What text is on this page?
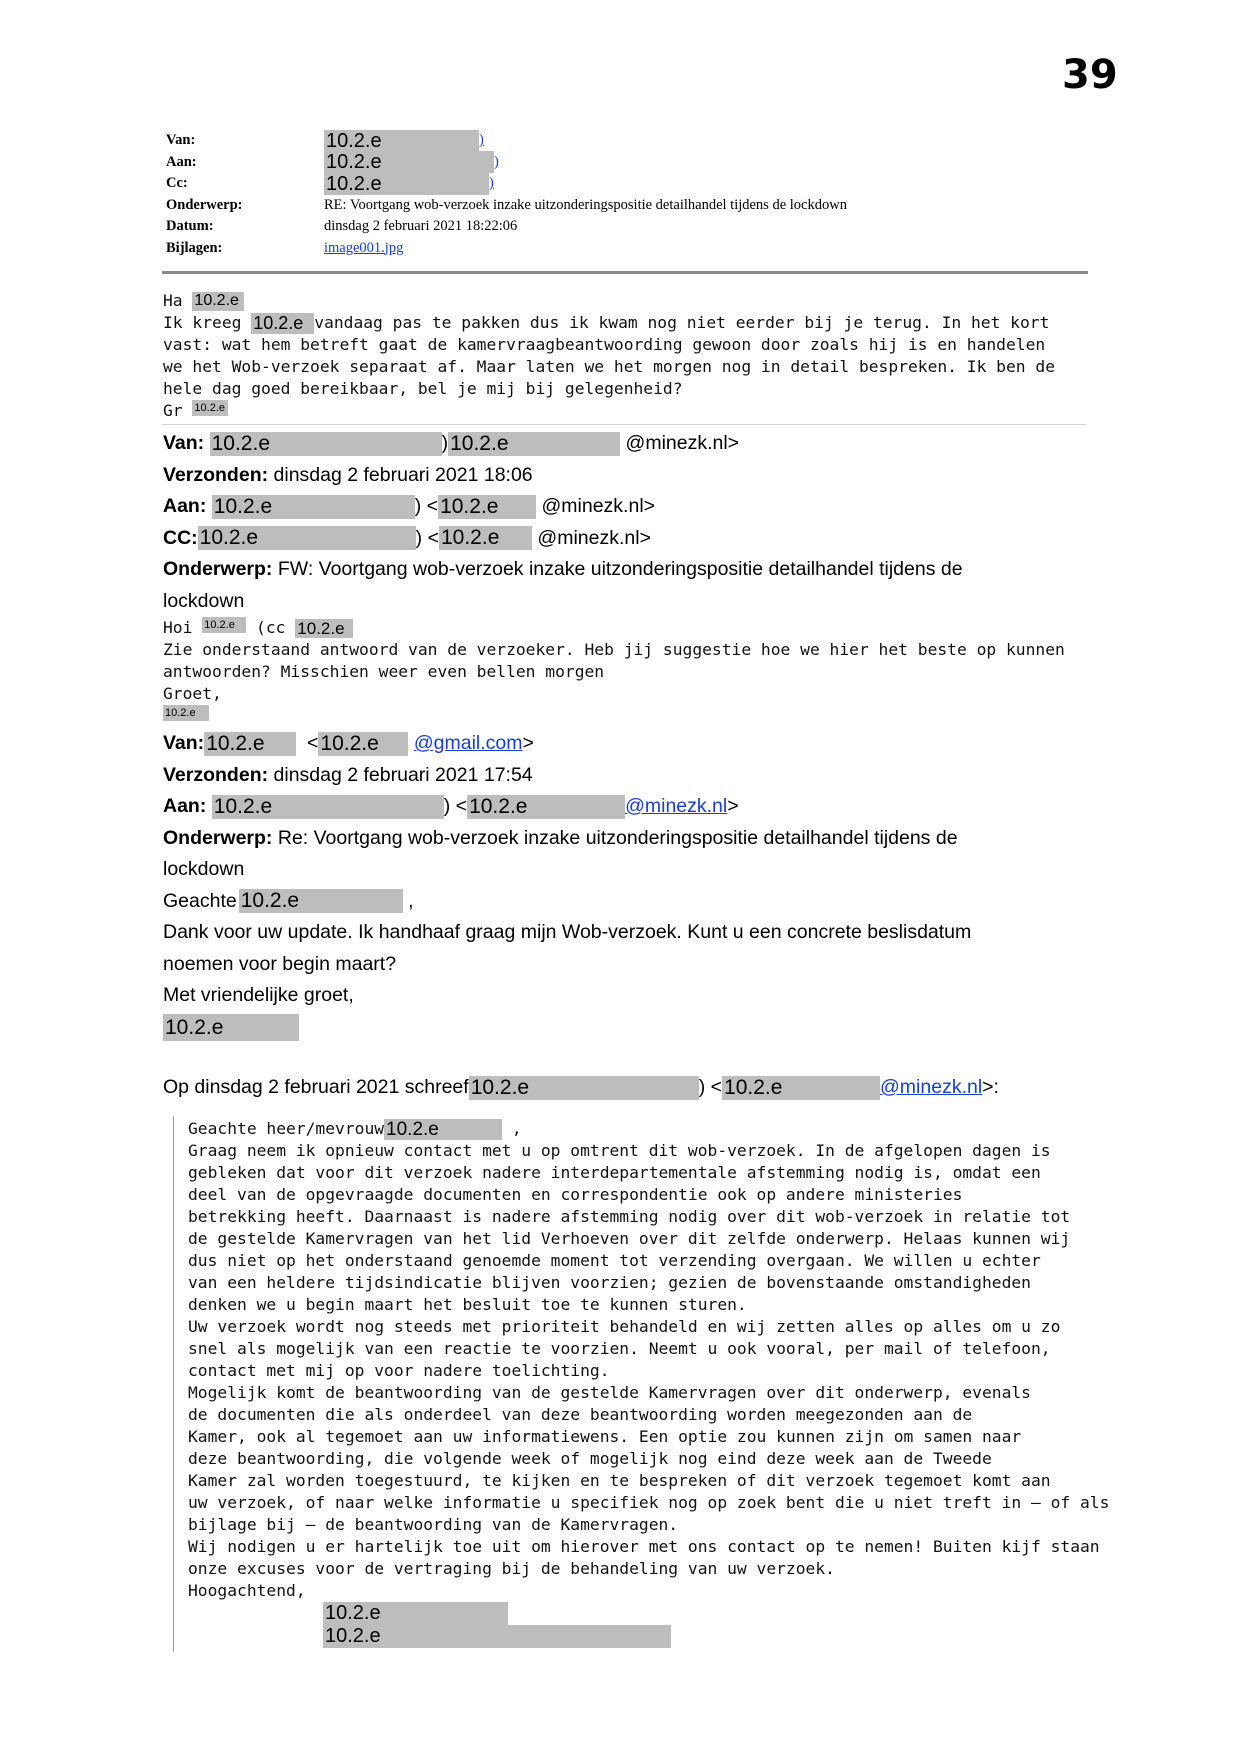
39
Van:	10.2.e	)
Aan:	10.2.e	)
Cc:	10.2.e	)
Onderwerp:	RE: Voortgang wob-verzoek inzake uitzonderingspositie detailhandel tijdens de lockdown
Datum:	dinsdag 2 februari 2021 18:22:06
Bijlagen:	image001.jpg

Ha 10.2.e

Ik kreeg 10.2.e vandaag pas te pakken dus ik kwam nog niet eerder bij je terug. In het kort

vast: wat hem betreft gaat de kamervraagbeantwoording gewoon door zoals hij is en handelen

we het Wob-verzoek separaat af. Maar laten we het morgen nog in detail bespreken. Ik ben de

hele dag goed bereikbaar, bel je mij bij gelegenheid?

Gr 10.2.e

Van:
10.2.e	) 10.2.e
	@minezk.nl>
Verzonden:
dinsdag 2 februari 2021 18:06
Aan:
10.2.e	) < 10.2.e
	@minezk.nl>
CC: 10.2.e	) < 10.2.e
	@minezk.nl>
Onderwerp:
FW: Voortgang wob-verzoek inzake uitzonderingspositie detailhandel tijdens de
lockdown

Hoi 10.2.e (cc 10.2.e

Zie onderstaand antwoord van de verzoeker. Heb jij suggestie hoe we hier het beste op kunnen

antwoorden? Misschien weer even bellen morgen

Groet,

10.2.e

Van: 10.2.e
	< 10.2.e
	@gmail.com >
Verzonden:
dinsdag 2 februari 2021 17:54
Aan:
10.2.e	) < 10.2.e	@minezk.nl >
Onderwerp:
Re: Voortgang wob-verzoek inzake uitzonderingspositie detailhandel tijdens de
lockdown
Geachte 10.2.e
	,
Dank voor uw update. Ik handhaaf graag mijn Wob-verzoek. Kunt u een concrete beslisdatum
noemen voor begin maart?
Met vriendelijke groet,
10.2.e
Op dinsdag 2 februari 2021 schreef 10.2.e	) < 10.2.e	@minezk.nl >:

Geachte heer/mevrouw 10.2.e	,

Graag neem ik opnieuw contact met u op omtrent dit wob-verzoek. In de afgelopen dagen is

gebleken dat voor dit verzoek nadere interdepartementale afstemming nodig is, omdat een

deel van de opgevraagde documenten en correspondentie ook op andere ministeries

betrekking heeft. Daarnaast is nadere afstemming nodig over dit wob-verzoek in relatie tot

de gestelde Kamervragen van het lid Verhoeven over dit zelfde onderwerp. Helaas kunnen wij

dus niet op het onderstaand genoemde moment tot verzending overgaan. We willen u echter

van een heldere tijdsindicatie blijven voorzien; gezien de bovenstaande omstandigheden

denken we u begin maart het besluit toe te kunnen sturen.

Uw verzoek wordt nog steeds met prioriteit behandeld en wij zetten alles op alles om u zo

snel als mogelijk van een reactie te voorzien. Neemt u ook vooral, per mail of telefoon,

contact met mij op voor nadere toelichting.

Mogelijk komt de beantwoording van de gestelde Kamervragen over dit onderwerp, evenals

de documenten die als onderdeel van deze beantwoording worden meegezonden aan de

Kamer, ook al tegemoet aan uw informatiewens. Een optie zou kunnen zijn om samen naar

deze beantwoording, die volgende week of mogelijk nog eind deze week aan de Tweede

Kamer zal worden toegestuurd, te kijken en te bespreken of dit verzoek tegemoet komt aan

uw verzoek, of naar welke informatie u specifiek nog op zoek bent die u niet treft in – of als

bijlage bij – de beantwoording van de Kamervragen.

Wij nodigen u er hartelijk toe uit om hierover met ons contact op te nemen! Buiten kijf staan

onze excuses voor de vertraging bij de behandeling van uw verzoek.

Hoogachtend,

10.2.e

10.2.e
